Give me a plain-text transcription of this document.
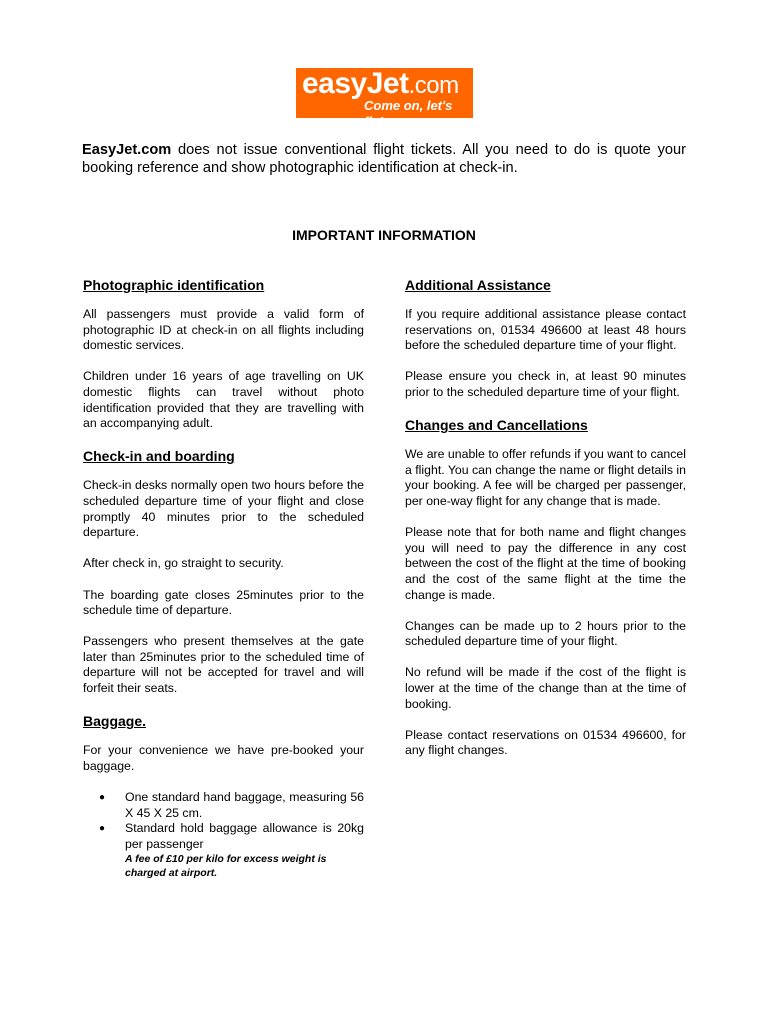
easyJet.com
Come on, let's fly!
EasyJet.com does not issue conventional flight tickets. All you need to do is quote your booking reference and show photographic identification at check-in.
IMPORTANT INFORMATION
Photographic identification

All passengers must provide a valid form of photographic ID at check-in on all flights including domestic services.

Children under 16 years of age travelling on UK domestic flights can travel without photo identification provided that they are travelling with an accompanying adult.

Check-in and boarding

Check-in desks normally open two hours before the scheduled departure time of your flight and close promptly 40 minutes prior to the scheduled departure.

After check in, go straight to security.

The boarding gate closes 25minutes prior to the schedule time of departure.

Passengers who present themselves at the gate later than 25minutes prior to the scheduled time of departure will not be accepted for travel and will forfeit their seats.

Baggage.

For your convenience we have pre-booked your baggage.

● One standard hand baggage, measuring 56 X 45 X 25 cm.
● Standard hold baggage allowance is 20kg per passenger
A fee of £10 per kilo for excess weight is charged at airport.
Additional Assistance

If you require additional assistance please contact reservations on, 01534 496600 at least 48 hours before the scheduled departure time of your flight.

Please ensure you check in, at least 90 minutes prior to the scheduled departure time of your flight.

Changes and Cancellations

We are unable to offer refunds if you want to cancel a flight. You can change the name or flight details in your booking. A fee will be charged per passenger, per one-way flight for any change that is made.

Please note that for both name and flight changes you will need to pay the difference in any cost between the cost of the flight at the time of booking and the cost of the same flight at the time the change is made.

Changes can be made up to 2 hours prior to the scheduled departure time of your flight.

No refund will be made if the cost of the flight is lower at the time of the change than at the time of booking.

Please contact reservations on 01534 496600, for any flight changes.
